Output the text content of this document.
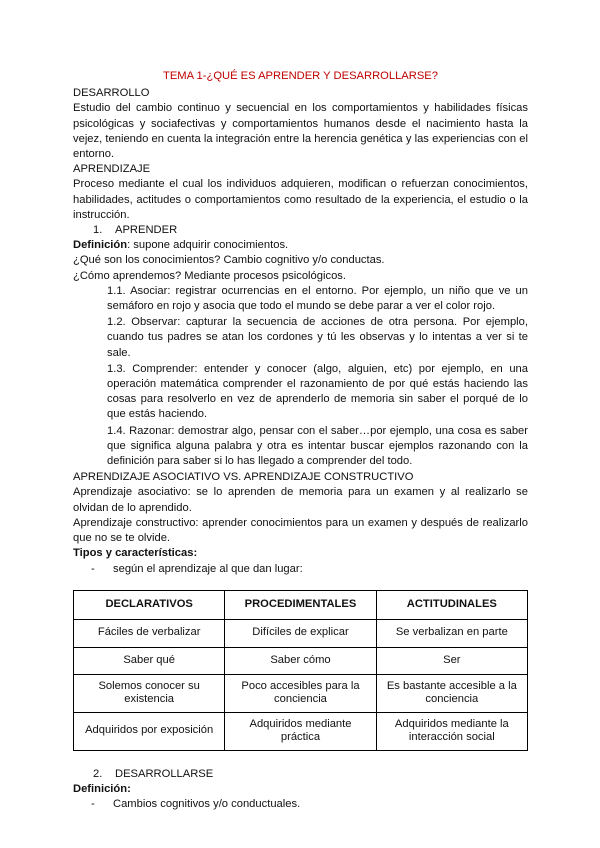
TEMA 1-¿QUÉ ES APRENDER Y DESARROLLARSE?

DESARROLLO

Estudio del cambio continuo y secuencial en los comportamientos y habilidades físicas psicológicas y sociafectivas y comportamientos humanos desde el nacimiento hasta la vejez, teniendo en cuenta la integración entre la herencia genética y las experiencias con el entorno.

APRENDIZAJE

Proceso mediante el cual los individuos adquieren, modifican o refuerzan conocimientos, habilidades, actitudes o comportamientos como resultado de la experiencia, el estudio o la instrucción.

1. APRENDER

Definición: supone adquirir conocimientos.

¿Qué son los conocimientos? Cambio cognitivo y/o conductas.

¿Cómo aprendemos? Mediante procesos psicológicos.

1.1. Asociar: registrar ocurrencias en el entorno. Por ejemplo, un niño que ve un semáforo en rojo y asocia que todo el mundo se debe parar a ver el color rojo.

1.2. Observar: capturar la secuencia de acciones de otra persona. Por ejemplo, cuando tus padres se atan los cordones y tú les observas y lo intentas a ver si te sale.

1.3. Comprender: entender y conocer (algo, alguien, etc) por ejemplo, en una operación matemática comprender el razonamiento de por qué estás haciendo las cosas para resolverlo en vez de aprenderlo de memoria sin saber el porqué de lo que estás haciendo.

1.4. Razonar: demostrar algo, pensar con el saber…por ejemplo, una cosa es saber que significa alguna palabra y otra es intentar buscar ejemplos razonando con la definición para saber si lo has llegado a comprender del todo.

APRENDIZAJE ASOCIATIVO VS. APRENDIZAJE CONSTRUCTIVO

Aprendizaje asociativo: se lo aprenden de memoria para un examen y al realizarlo se olvidan de lo aprendido.

Aprendizaje constructivo: aprender conocimientos para un examen y después de realizarlo que no se te olvide.

Tipos y características:

- según el aprendizaje al que dan lugar:

DECLARATIVOS	PROCEDIMENTALES	ACTITUDINALES
Fáciles de verbalizar	Difíciles de explicar	Se verbalizan en parte
Saber qué	Saber cómo	Ser
Solemos conocer su existencia	Poco accesibles para la conciencia	Es bastante accesible a la conciencia
Adquiridos por exposición	Adquiridos mediante práctica	Adquiridos mediante la interacción social

2. DESARROLLARSE

Definición:

- Cambios cognitivos y/o conductuales.
